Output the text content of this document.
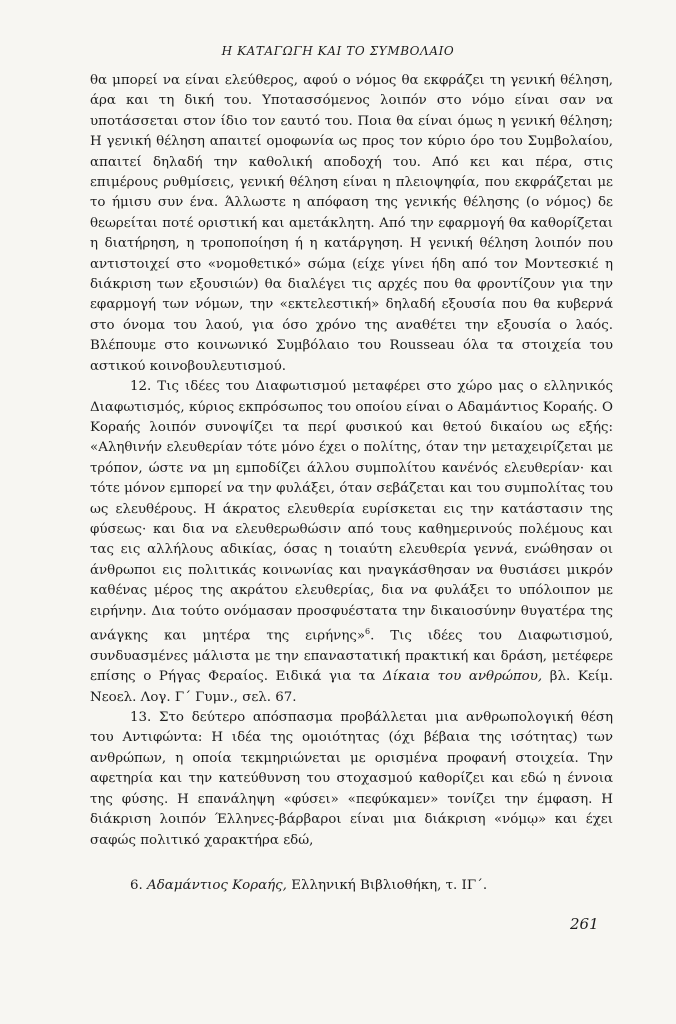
Η ΚΑΤΑΓΩΓΗ ΚΑΙ ΤΟ ΣΥΜΒΟΛΑΙΟ

θα μπορεί να είναι ελεύθερος, αφού ο νόμος θα εκφράζει τη γενική θέληση, άρα και τη δική του. Υποτασσόμενος λοιπόν στο νόμο είναι σαν να υποτάσσεται στον ίδιο τον εαυτό του. Ποια θα είναι όμως η γενική θέληση; Η γενική θέληση απαιτεί ομοφωνία ως προς τον κύριο όρο του Συμβολαίου, απαιτεί δηλαδή την καθολική αποδοχή του. Από κει και πέρα, στις επιμέρους ρυθμίσεις, γενική θέληση είναι η πλειοψηφία, που εκφράζεται με το ήμισυ συν ένα. Άλλωστε η απόφαση της γενικής θέλησης (ο νόμος) δε θεωρείται ποτέ οριστική και αμετάκλητη. Από την εφαρμογή θα καθορίζεται η διατήρηση, η τροποποίηση ή η κατάργηση. Η γενική θέληση λοιπόν που αντιστοιχεί στο «νομοθετικό» σώμα (είχε γίνει ήδη από τον Μοντεσκιέ η διάκριση των εξουσιών) θα διαλέγει τις αρχές που θα φροντίζουν για την εφαρμογή των νόμων, την «εκτελεστική» δηλαδή εξουσία που θα κυβερνά στο όνομα του λαού, για όσο χρόνο της αναθέτει την εξουσία ο λαός. Βλέπουμε στο κοινωνικό Συμβόλαιο του Rousseau όλα τα στοιχεία του αστικού κοινοβουλευτισμού.

12. Τις ιδέες του Διαφωτισμού μεταφέρει στο χώρο μας ο ελληνικός Διαφωτισμός, κύριος εκπρόσωπος του οποίου είναι ο Αδαμάντιος Κοραής. Ο Κοραής λοιπόν συνοψίζει τα περί φυσικού και θετού δικαίου ως εξής: «Αληθινήν ελευθερίαν τότε μόνο έχει ο πολίτης, όταν την μεταχειρίζεται με τρόπον, ώστε να μη εμποδίζει άλλου συμπολίτου κανένός ελευθερίαν· και τότε μόνον εμπορεί να την φυλάξει, όταν σεβάζεται και του συμπολίτας του ως ελευθέρους. Η άκρατος ελευθερία ευρίσκεται εις την κατάστασιν της φύσεως· και δια να ελευθερωθώσιν από τους καθημερινούς πολέμους και τας εις αλλήλους αδικίας, όσας η τοιαύτη ελευθερία γεννά, ενώθησαν οι άνθρωποι εις πολιτικάς κοινωνίας και ηναγκάσθησαν να θυσιάσει μικρόν καθένας μέρος της ακράτου ελευθερίας, δια να φυλάξει το υπόλοιπον με ειρήνην. Δια τούτο ονόμασαν προσφυέστατα την δικαιοσύνην θυγατέρα της ανάγκης και μητέρα της ειρήνης»$^6$. Τις ιδέες του Διαφωτισμού, συνδυασμένες μάλιστα με την επαναστατική πρακτική και δράση, μετέφερε επίσης ο Ρήγας Φεραίος. Ειδικά για τα Δίκαια του ανθρώπου, βλ. Κείμ. Νεοελ. Λογ. Γ΄ Γυμν., σελ. 67.

13. Στο δεύτερο απόσπασμα προβάλλεται μια ανθρωπολογική θέση του Αντιφώντα: Η ιδέα της ομοιότητας (όχι βέβαια της ισότητας) των ανθρώπων, η οποία τεκμηριώνεται με ορισμένα προφανή στοιχεία. Την αφετηρία και την κατεύθυνση του στοχασμού καθορίζει και εδώ η έννοια της φύσης. Η επανάληψη «φύσει» «πεφύκαμεν» τονίζει την έμφαση. Η διάκριση λοιπόν Έλληνες-βάρβαροι είναι μια διάκριση «νόμῳ» και έχει σαφώς πολιτικό χαρακτήρα εδώ,

6. Αδαμάντιος Κοραής, Ελληνική Βιβλιοθήκη, τ. ΙΓ΄.
261
